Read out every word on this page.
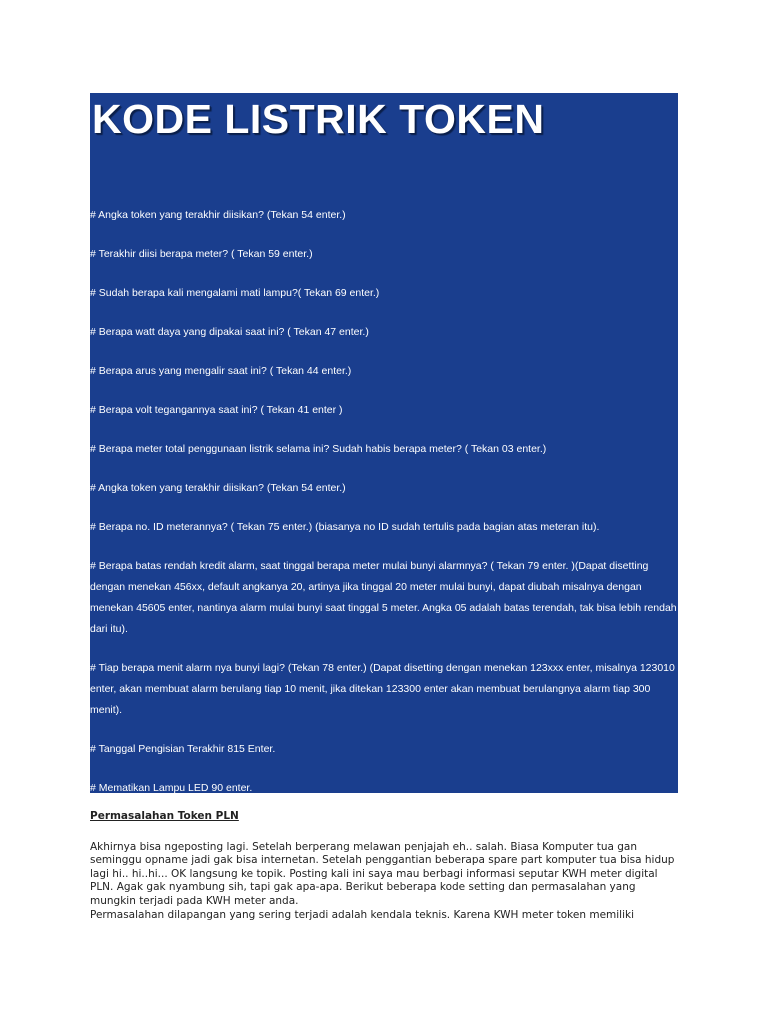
KODE LISTRIK TOKEN
# Angka token yang terakhir diisikan? (Tekan 54 enter.)
# Terakhir diisi berapa meter? ( Tekan 59 enter.)
# Sudah berapa kali mengalami mati lampu?( Tekan 69 enter.)
# Berapa watt daya yang dipakai saat ini? ( Tekan 47 enter.)
# Berapa arus yang mengalir saat ini? ( Tekan 44 enter.)
# Berapa volt tegangannya saat ini? ( Tekan 41 enter )
# Berapa meter total penggunaan listrik selama ini? Sudah habis berapa meter? ( Tekan 03 enter.)
# Angka token yang terakhir diisikan? (Tekan 54 enter.)
# Berapa no. ID meterannya? ( Tekan 75 enter.) (biasanya no ID sudah tertulis pada bagian atas meteran itu).
# Berapa batas rendah kredit alarm, saat tinggal berapa meter mulai bunyi alarmnya? ( Tekan 79 enter. )(Dapat disetting dengan menekan 456xx, default angkanya 20, artinya jika tinggal 20 meter mulai bunyi, dapat diubah misalnya dengan menekan 45605 enter, nantinya alarm mulai bunyi saat tinggal 5 meter. Angka 05 adalah batas terendah, tak bisa lebih rendah dari itu).
# Tiap berapa menit alarm nya bunyi lagi? (Tekan 78 enter.) (Dapat disetting dengan menekan 123xxx enter, misalnya 123010 enter, akan membuat alarm berulang tiap 10 menit, jika ditekan 123300 enter akan membuat berulangnya alarm tiap 300 menit).
# Tanggal Pengisian Terakhir 815 Enter.
# Mematikan Lampu LED 90 enter.
Permasalahan Token PLN

Akhirnya bisa ngeposting lagi. Setelah berperang melawan penjajah eh.. salah. Biasa Komputer tua gan seminggu opname jadi gak bisa internetan. Setelah penggantian beberapa spare part komputer tua bisa hidup lagi hi.. hi..hi... OK langsung ke topik. Posting kali ini saya mau berbagi informasi seputar KWH meter digital PLN. Agak gak nyambung sih, tapi gak apa-apa. Berikut beberapa kode setting dan permasalahan yang mungkin terjadi pada KWH meter anda.

Permasalahan dilapangan yang sering terjadi adalah kendala teknis. Karena KWH meter token memiliki
